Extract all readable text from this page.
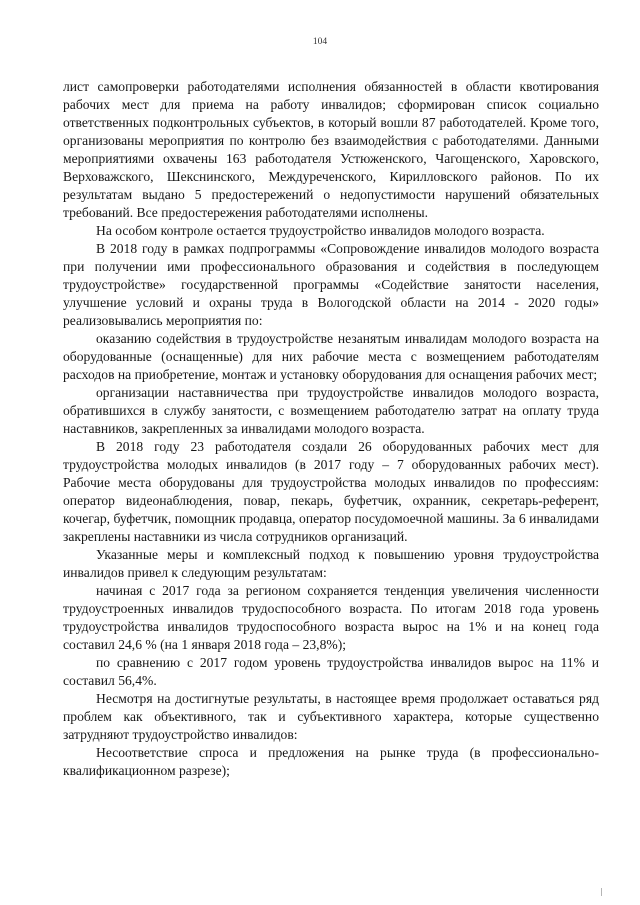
104

лист самопроверки работодателями исполнения обязанностей в области квотирования рабочих мест для приема на работу инвалидов; сформирован список социально ответственных подконтрольных субъектов, в который вошли 87 работодателей. Кроме того, организованы мероприятия по контролю без взаимодействия с работодателями. Данными мероприятиями охвачены 163 работодателя Устюженского, Чагощенского, Харовского, Верховажского, Шекснинского, Междуреченского, Кирилловского районов. По их результатам выдано 5 предостережений о недопустимости нарушений обязательных требований. Все предостережения работодателями исполнены.

На особом контроле остается трудоустройство инвалидов молодого возраста.

В 2018 году в рамках подпрограммы «Сопровождение инвалидов молодого возраста при получении ими профессионального образования и содействия в последующем трудоустройстве» государственной программы «Содействие занятости населения, улучшение условий и охраны труда в Вологодской области на 2014 - 2020 годы» реализовывались мероприятия по:

оказанию содействия в трудоустройстве незанятым инвалидам молодого возраста на оборудованные (оснащенные) для них рабочие места с возмещением работодателям расходов на приобретение, монтаж и установку оборудования для оснащения рабочих мест;

организации наставничества при трудоустройстве инвалидов молодого возраста, обратившихся в службу занятости, с возмещением работодателю затрат на оплату труда наставников, закрепленных за инвалидами молодого возраста.

В 2018 году 23 работодателя создали 26 оборудованных рабочих мест для трудоустройства молодых инвалидов (в 2017 году – 7 оборудованных рабочих мест). Рабочие места оборудованы для трудоустройства молодых инвалидов по профессиям: оператор видеонаблюдения, повар, пекарь, буфетчик, охранник, секретарь-референт, кочегар, буфетчик, помощник продавца, оператор посудомоечной машины. За 6 инвалидами закреплены наставники из числа сотрудников организаций.

Указанные меры и комплексный подход к повышению уровня трудоустройства инвалидов привел к следующим результатам:

начиная с 2017 года за регионом сохраняется тенденция увеличения численности трудоустроенных инвалидов трудоспособного возраста. По итогам 2018 года уровень трудоустройства инвалидов трудоспособного возраста вырос на 1% и на конец года составил 24,6 % (на 1 января 2018 года – 23,8%);

по сравнению с 2017 годом уровень трудоустройства инвалидов вырос на 11% и составил 56,4%.

Несмотря на достигнутые результаты, в настоящее время продолжает оставаться ряд проблем как объективного, так и субъективного характера, которые существенно затрудняют трудоустройство инвалидов:

Несоответствие спроса и предложения на рынке труда (в профессионально-квалификационном разрезе);
